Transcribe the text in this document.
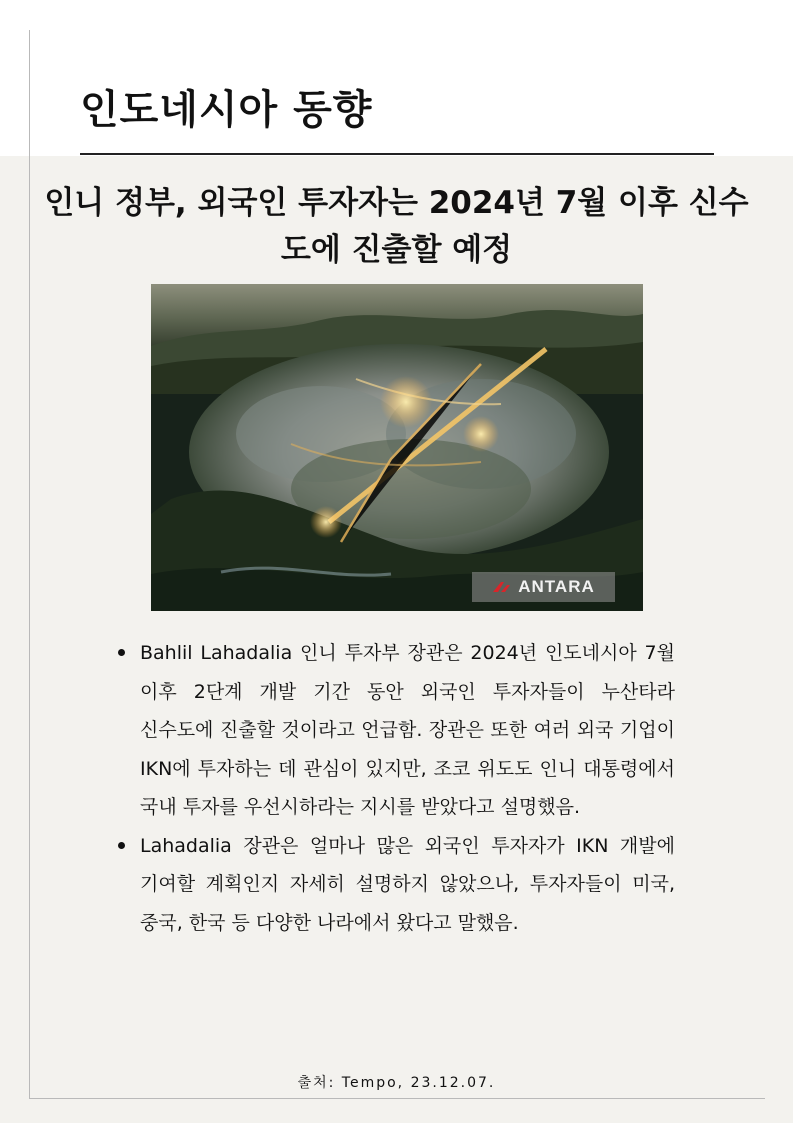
인도네시아 동향
인니 정부, 외국인 투자자는 2024년 7월 이후 신수도에 진출할 예정
ANTARA
Bahlil Lahadalia 인니 투자부 장관은 2024년 인도네시아 7월 이후 2단계 개발 기간 동안 외국인 투자자들이 누산타라 신수도에 진출할 것이라고 언급함. 장관은 또한 여러 외국 기업이 IKN에 투자하는 데 관심이 있지만, 조코 위도도 인니 대통령에서 국내 투자를 우선시하라는 지시를 받았다고 설명했음.
Lahadalia 장관은 얼마나 많은 외국인 투자자가 IKN 개발에 기여할 계획인지 자세히 설명하지 않았으나, 투자자들이 미국, 중국, 한국 등 다양한 나라에서 왔다고 말했음.

출처: Tempo, 23.12.07.
